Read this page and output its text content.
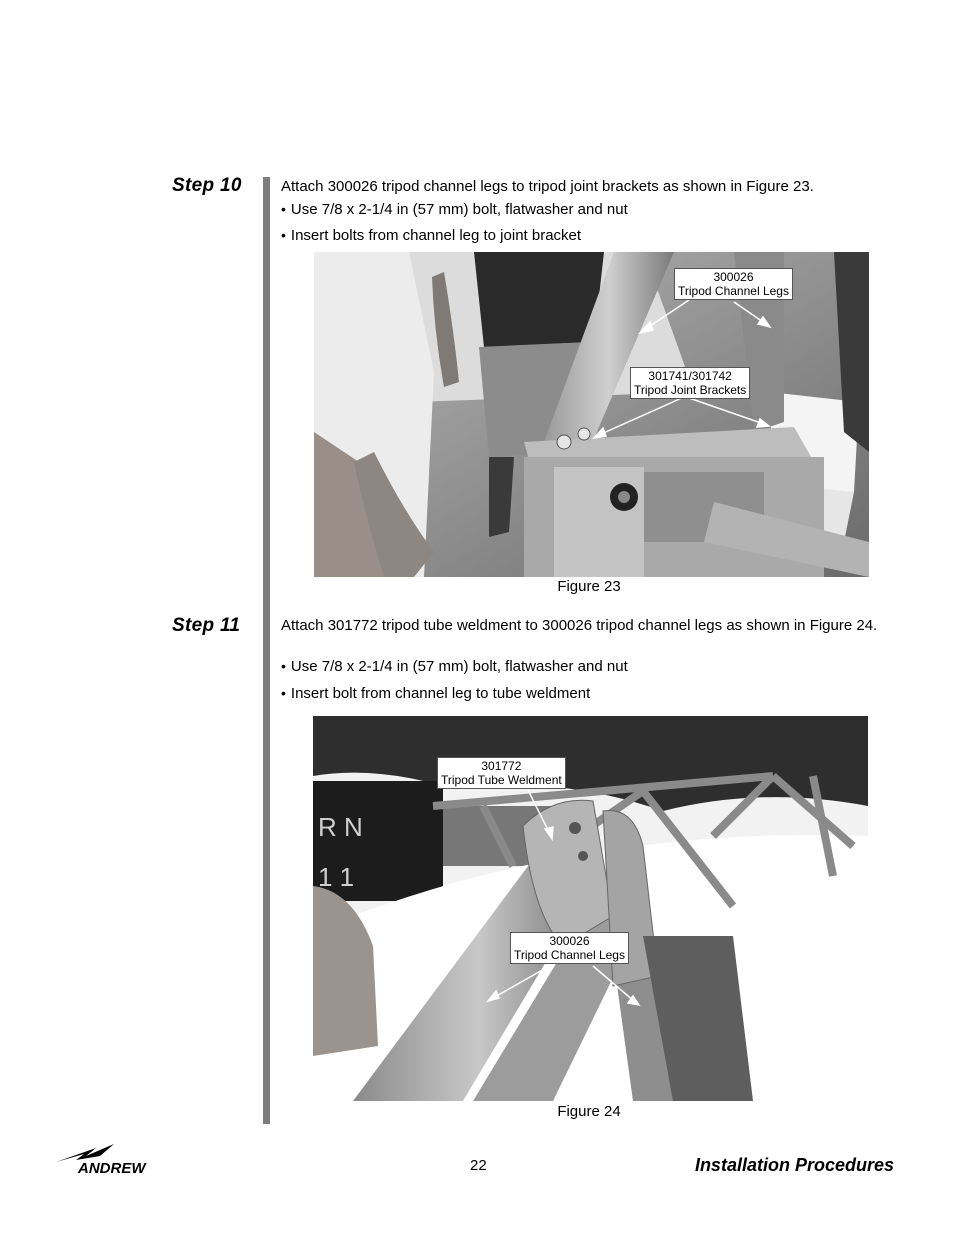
Step 10	Attach 300026 tripod channel legs to tripod joint brackets as shown in Figure 23.
• Use 7/8 x 2-1/4 in (57 mm) bolt, flatwasher and nut
• Insert bolts from channel leg to joint bracket
300026
Tripod Channel Legs
301741/301742
Tripod Joint Brackets
Figure 23
Step 11	Attach 301772 tripod tube weldment to 300026 tripod channel legs as shown in Figure 24.
• Use 7/8 x 2-1/4 in (57 mm) bolt, flatwasher and nut
• Insert bolt from channel leg to tube weldment
R N
1 1
301772
Tripod Tube Weldment
300026
Tripod Channel Legs
Figure 24
ANDREW	22	Installation Procedures
